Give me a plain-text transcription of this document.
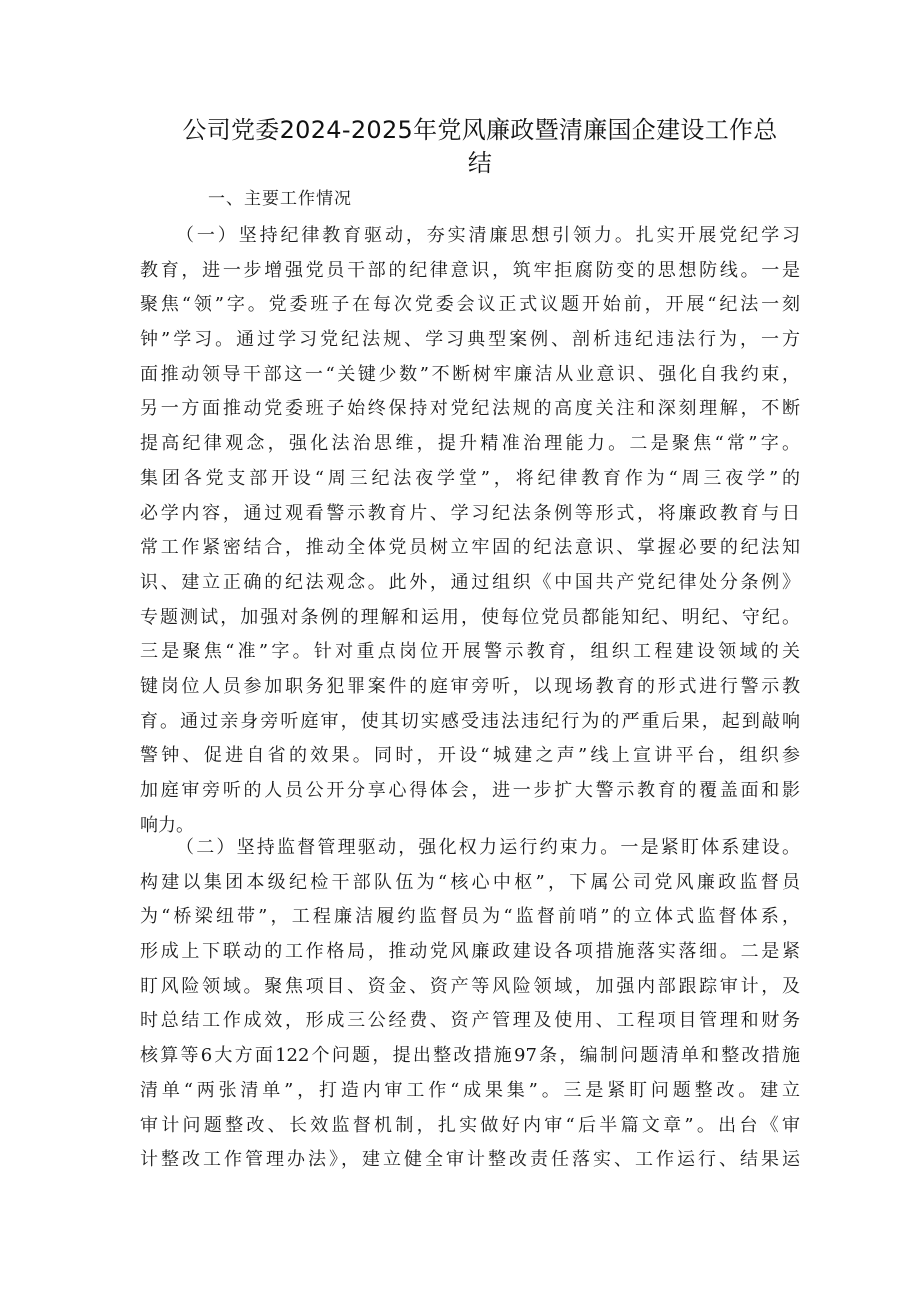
公司党委2024-2025年党风廉政暨清廉国企建设工作总
结
一、主要工作情况
（一）坚持纪律教育驱动，夯实清廉思想引领力。扎实开展党纪学习
教育，进一步增强党员干部的纪律意识，筑牢拒腐防变的思想防线。一是
聚焦“领”字。党委班子在每次党委会议正式议题开始前，开展“纪法一刻
钟”学习。通过学习党纪法规、学习典型案例、剖析违纪违法行为，一方
面推动领导干部这一“关键少数”不断树牢廉洁从业意识、强化自我约束，
另一方面推动党委班子始终保持对党纪法规的高度关注和深刻理解，不断
提高纪律观念，强化法治思维，提升精准治理能力。二是聚焦“常”字。
集团各党支部开设“周三纪法夜学堂”，将纪律教育作为“周三夜学”的
必学内容，通过观看警示教育片、学习纪法条例等形式，将廉政教育与日
常工作紧密结合，推动全体党员树立牢固的纪法意识、掌握必要的纪法知
识、建立正确的纪法观念。此外，通过组织《中国共产党纪律处分条例》
专题测试，加强对条例的理解和运用，使每位党员都能知纪、明纪、守纪。
三是聚焦“准”字。针对重点岗位开展警示教育，组织工程建设领域的关
键岗位人员参加职务犯罪案件的庭审旁听，以现场教育的形式进行警示教
育。通过亲身旁听庭审，使其切实感受违法违纪行为的严重后果，起到敲响
警钟、促进自省的效果。同时，开设“城建之声”线上宣讲平台，组织参
加庭审旁听的人员公开分享心得体会，进一步扩大警示教育的覆盖面和影
响力。
（二）坚持监督管理驱动，强化权力运行约束力。一是紧盯体系建设。
构建以集团本级纪检干部队伍为“核心中枢”，下属公司党风廉政监督员
为“桥梁纽带”，工程廉洁履约监督员为“监督前哨”的立体式监督体系，
形成上下联动的工作格局，推动党风廉政建设各项措施落实落细。二是紧
盯风险领域。聚焦项目、资金、资产等风险领域，加强内部跟踪审计，及
时总结工作成效，形成三公经费、资产管理及使用、工程项目管理和财务
核算等6大方面122个问题，提出整改措施97条，编制问题清单和整改措施
清单“两张清单”，打造内审工作“成果集”。三是紧盯问题整改。建立
审计问题整改、长效监督机制，扎实做好内审“后半篇文章”。出台《审
计整改工作管理办法》，建立健全审计整改责任落实、工作运行、结果运
